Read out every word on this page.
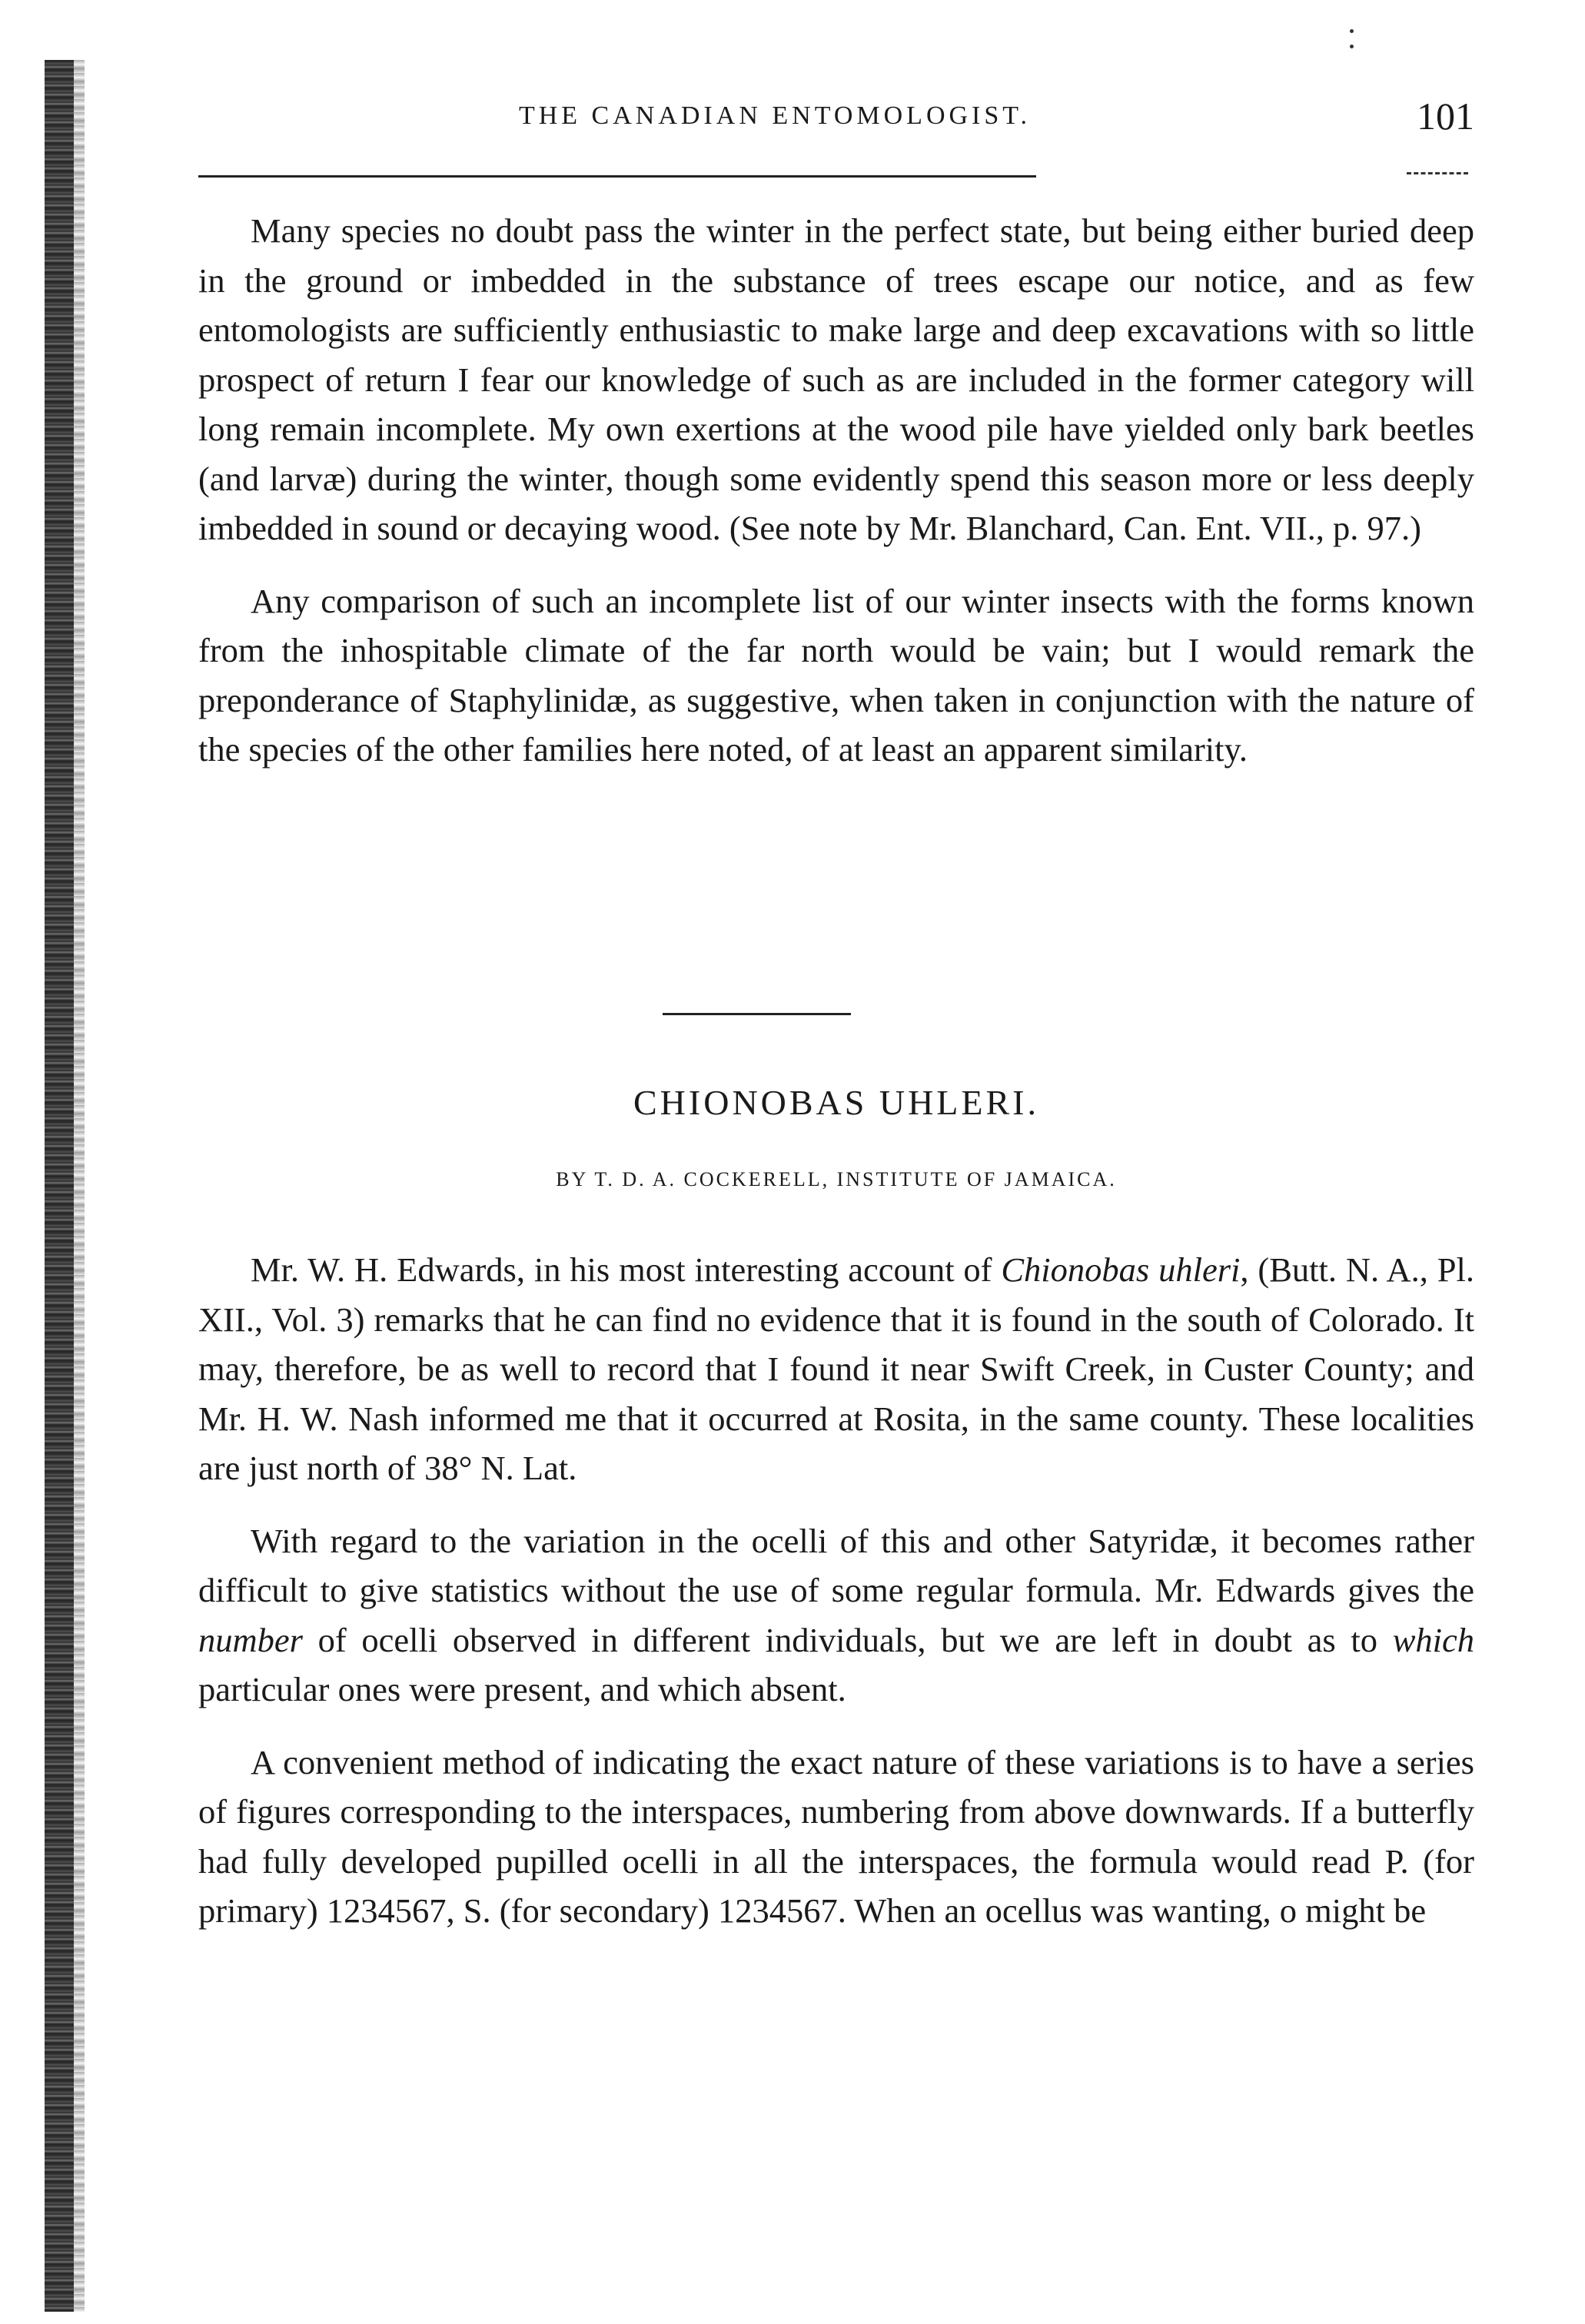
THE CANADIAN ENTOMOLOGIST.	101

Many species no doubt pass the winter in the perfect state, but being either buried deep in the ground or imbedded in the substance of trees escape our notice, and as few entomologists are sufficiently enthusiastic to make large and deep excavations with so little prospect of return I fear our knowledge of such as are included in the former category will long remain incomplete. My own exertions at the wood pile have yielded only bark beetles (and larvæ) during the winter, though some evidently spend this season more or less deeply imbedded in sound or decaying wood. (See note by Mr. Blanchard, Can. Ent. VII., p. 97.)

Any comparison of such an incomplete list of our winter insects with the forms known from the inhospitable climate of the far north would be vain; but I would remark the preponderance of Staphylinidæ, as suggestive, when taken in conjunction with the nature of the species of the other families here noted, of at least an apparent similarity.

CHIONOBAS UHLERI.
BY T. D. A. COCKERELL, INSTITUTE OF JAMAICA.

Mr. W. H. Edwards, in his most interesting account of Chionobas uhleri, (Butt. N. A., Pl. XII., Vol. 3) remarks that he can find no evidence that it is found in the south of Colorado. It may, therefore, be as well to record that I found it near Swift Creek, in Custer County; and Mr. H. W. Nash informed me that it occurred at Rosita, in the same county. These localities are just north of 38° N. Lat.

With regard to the variation in the ocelli of this and other Satyridæ, it becomes rather difficult to give statistics without the use of some regular formula. Mr. Edwards gives the number of ocelli observed in different individuals, but we are left in doubt as to which particular ones were present, and which absent.

A convenient method of indicating the exact nature of these variations is to have a series of figures corresponding to the interspaces, numbering from above downwards. If a butterfly had fully developed pupilled ocelli in all the interspaces, the formula would read P. (for primary) 1234567, S. (for secondary) 1234567. When an ocellus was wanting, o might be
